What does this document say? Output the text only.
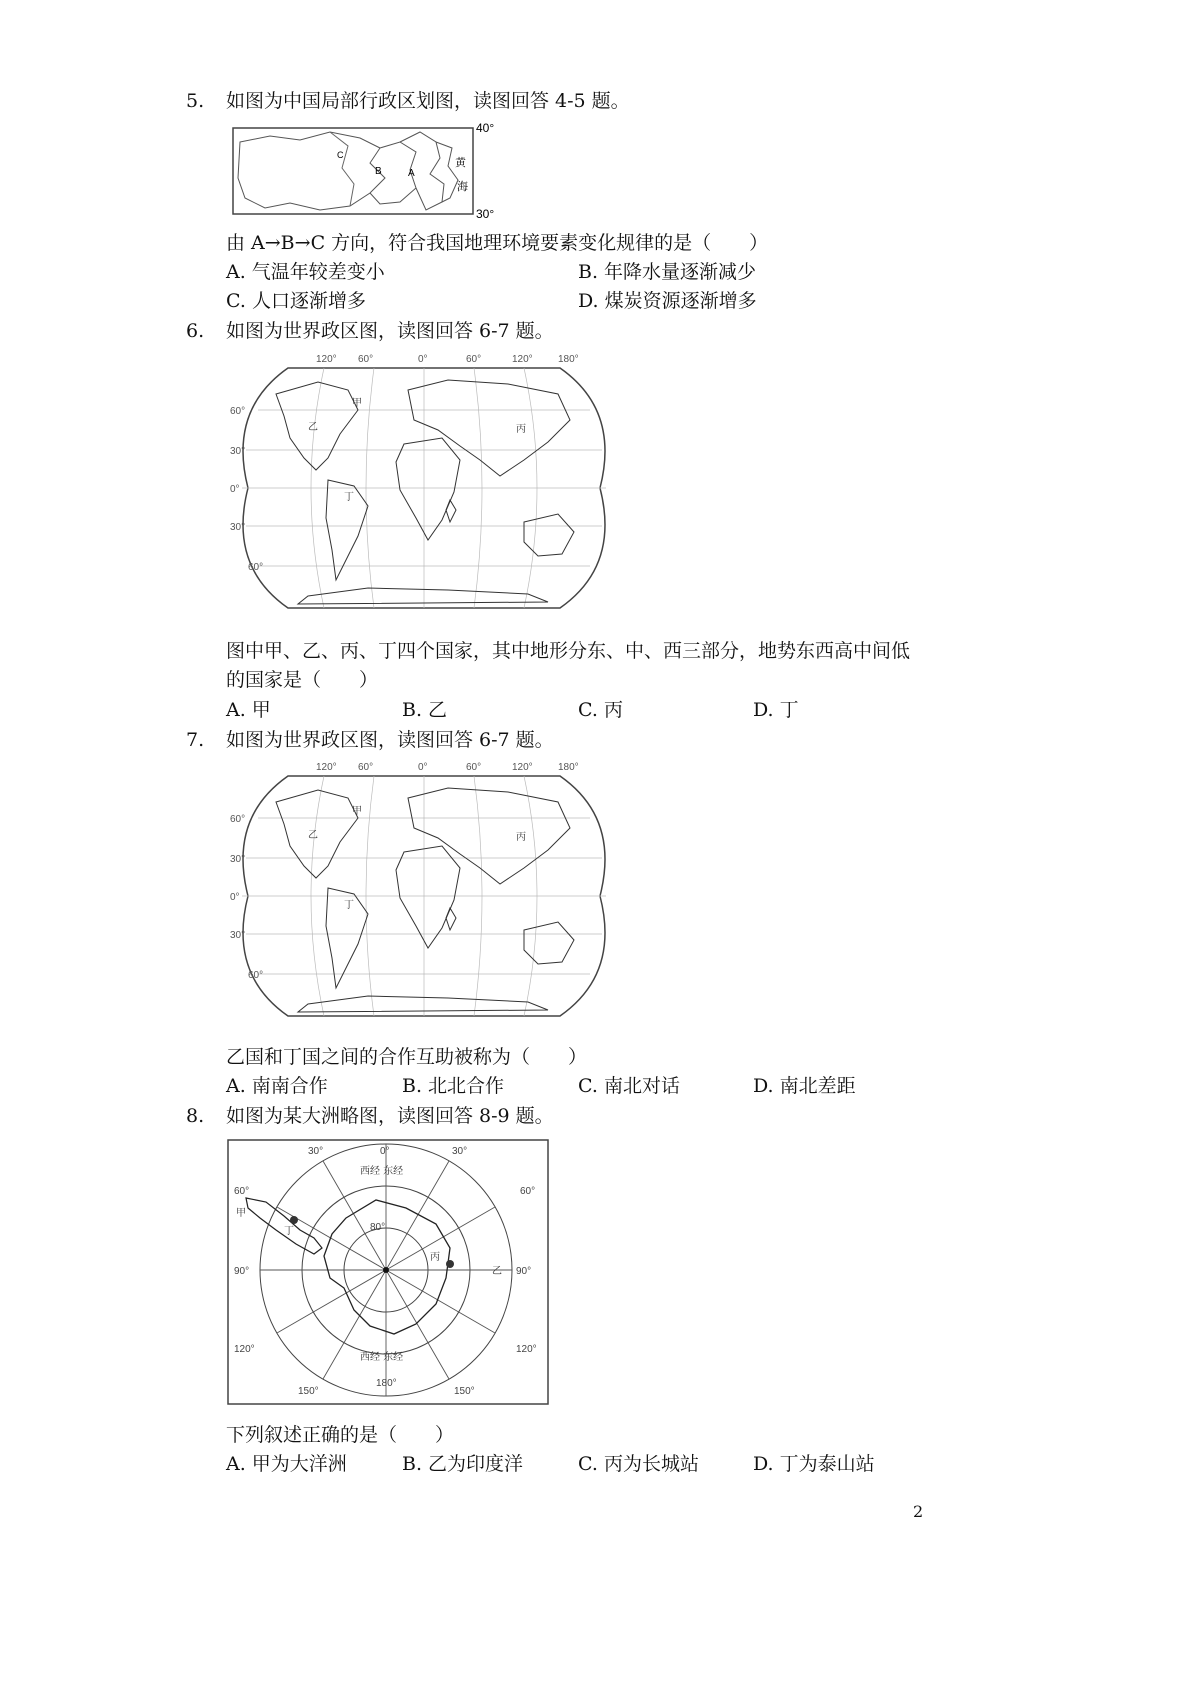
5. 如图为中国局部行政区划图，读图回答 4-5 题。
C
B	A
黄
海
40°
30°
由 A→B→C 方向，符合我国地理环境要素变化规律的是（　　）
A. 气温年较差变小	B. 年降水量逐渐减少
C. 人口逐渐增多	D. 煤炭资源逐渐增多
6. 如图为世界政区图，读图回答 6-7 题。
120° 60°	0°	60°	120°	180°
60°
30°
0°
30°
60°
乙
甲
丙
丁
图中甲、乙、丙、丁四个国家，其中地形分东、中、西三部分，地势东西高中间低
的国家是（　　）
A. 甲	B. 乙	C. 丙	D. 丁
7. 如图为世界政区图，读图回答 6-7 题。
120° 60°	0°	60°	120°	180°
60°
30°
0°
30°
60°
乙
甲
丙
丁
乙国和丁国之间的合作互助被称为（　　）
A. 南南合作	B. 北北合作	C. 南北对话	D. 南北差距
8. 如图为某大洲略图，读图回答 8-9 题。
0°
30°	30°
60°	60°
90°	90°
120°	120°
150°	150°
180°
80°
西经 东经
西经 东经
甲
乙
丙
丁
下列叙述正确的是（　　）
A. 甲为大洋洲	B. 乙为印度洋	C. 丙为长城站	D. 丁为泰山站
2
